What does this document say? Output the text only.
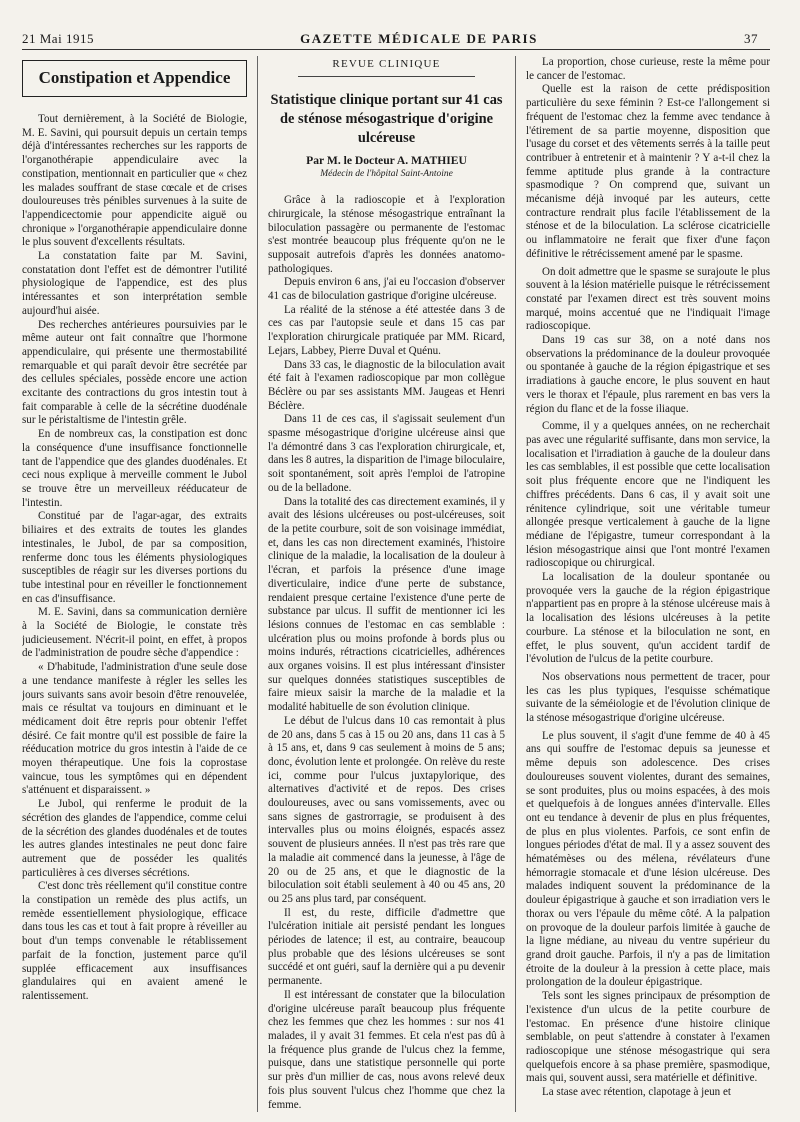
21 Mai 1915	GAZETTE MÉDICALE DE PARIS	37
Constipation et Appendice

Tout dernièrement, à la Société de Biologie, M. E. Savini, qui poursuit depuis un certain temps déjà d'intéressantes recherches sur les rapports de l'organothérapie appendiculaire avec la constipation, mentionnait en particulier que « chez les malades souffrant de stase cœcale et de crises douloureuses très pénibles survenues à la suite de l'appendicectomie pour appendicite aiguë ou chronique » l'organothérapie appendiculaire donne le plus souvent d'excellents résultats.

La constatation faite par M. Savini, constatation dont l'effet est de démontrer l'utilité physiologique de l'appendice, est des plus intéressantes et son interprétation semble aujourd'hui aisée.

Des recherches antérieures poursuivies par le même auteur ont fait connaître que l'hormone appendiculaire, qui présente une thermostabilité remarquable et qui paraît devoir être secrétée par des cellules spéciales, possède encore une action excitante des contractions du gros intestin tout à fait comparable à celle de la sécrétine duodénale sur le péristaltisme de l'intestin grêle.

En de nombreux cas, la constipation est donc la conséquence d'une insuffisance fonctionnelle tant de l'appendice que des glandes duodénales. Et ceci nous explique à merveille comment le Jubol se trouve être un merveilleux rééducateur de l'intestin.

Constitué par de l'agar-agar, des extraits biliaires et des extraits de toutes les glandes intestinales, le Jubol, de par sa composition, renferme donc tous les éléments physiologiques susceptibles de réagir sur les diverses portions du tube intestinal pour en réveiller le fonctionnement en cas d'insuffisance.

M. E. Savini, dans sa communication dernière à la Société de Biologie, le constate très judicieusement. N'écrit-il point, en effet, à propos de l'administration de poudre sèche d'appendice :

« D'habitude, l'administration d'une seule dose a une tendance manifeste à régler les selles les jours suivants sans avoir besoin d'être renouvelée, mais ce résultat va toujours en diminuant et le médicament doit être repris pour obtenir l'effet désiré. Ce fait montre qu'il est possible de faire la rééducation motrice du gros intestin à l'aide de ce moyen thérapeutique. Une fois la coprostase vaincue, tous les symptômes qui en dépendent s'atténuent et disparaissent. »

Le Jubol, qui renferme le produit de la sécrétion des glandes de l'appendice, comme celui de la sécrétion des glandes duodénales et de toutes les autres glandes intestinales ne peut donc faire autrement que de posséder les qualités particulières à ces diverses sécrétions.

C'est donc très réellement qu'il constitue contre la constipation un remède des plus actifs, un remède essentiellement physiologique, efficace dans tous les cas et tout à fait propre à réveiller au bout d'un temps convenable le rétablissement parfait de la fonction, justement parce qu'il supplée efficacement aux insuffisances glandulaires qui en avaient amené le ralentissement.

REVUE CLINIQUE
Statistique clinique portant sur 41 cas de sténose mésogastrique d'origine ulcéreuse
Par M. le Docteur A. MATHIEU
Médecin de l'hôpital Saint-Antoine

Grâce à la radioscopie et à l'exploration chirurgicale, la sténose mésogastrique entraînant la biloculation passagère ou permanente de l'estomac s'est montrée beaucoup plus fréquente qu'on ne le supposait autrefois d'après les données anatomo-pathologiques.

Depuis environ 6 ans, j'ai eu l'occasion d'observer 41 cas de biloculation gastrique d'origine ulcéreuse.

La réalité de la sténose a été attestée dans 3 de ces cas par l'autopsie seule et dans 15 cas par l'exploration chirurgicale pratiquée par MM. Ricard, Lejars, Labbey, Pierre Duval et Quénu.

Dans 33 cas, le diagnostic de la biloculation avait été fait à l'examen radioscopique par mon collègue Béclère ou par ses assistants MM. Jaugeas et Henri Béclère.

Dans 11 de ces cas, il s'agissait seulement d'un spasme mésogastrique d'origine ulcéreuse ainsi que l'a démontré dans 3 cas l'exploration chirurgicale, et, dans les 8 autres, la disparition de l'image biloculaire, soit spontanément, soit après l'emploi de l'atropine ou de la belladone.

Dans la totalité des cas directement examinés, il y avait des lésions ulcéreuses ou post-ulcéreuses, soit de la petite courbure, soit de son voisinage immédiat, et, dans les cas non directement examinés, l'histoire clinique de la maladie, la localisation de la douleur à l'écran, et parfois la présence d'une image diverticulaire, indice d'une perte de substance, rendaient presque certaine l'existence d'une perte de substance par ulcus. Il suffit de mentionner ici les lésions connues de l'estomac en cas semblable : ulcération plus ou moins profonde à bords plus ou moins indurés, rétractions cicatricielles, adhérences aux organes voisins. Il est plus intéressant d'insister sur quelques données statistiques susceptibles de faire mieux saisir la marche de la maladie et la modalité habituelle de son évolution clinique.

Le début de l'ulcus dans 10 cas remontait à plus de 20 ans, dans 5 cas à 15 ou 20 ans, dans 11 cas à 5 à 15 ans, et, dans 9 cas seulement à moins de 5 ans; donc, évolution lente et prolongée. On relève du reste ici, comme pour l'ulcus juxtapylorique, des alternatives d'activité et de repos. Des crises douloureuses, avec ou sans vomissements, avec ou sans signes de gastrorragie, se produisent à des intervalles plus ou moins éloignés, espacés assez souvent de plusieurs années. Il n'est pas très rare que la maladie ait commencé dans la jeunesse, à l'âge de 20 ou de 25 ans, et que le diagnostic de la biloculation soit établi seulement à 40 ou 45 ans, 20 ou 25 ans plus tard, par conséquent.

Il est, du reste, difficile d'admettre que l'ulcération initiale ait persisté pendant les longues périodes de latence; il est, au contraire, beaucoup plus probable que des lésions ulcéreuses se sont succédé et ont guéri, sauf la dernière qui a pu devenir permanente.

Il est intéressant de constater que la biloculation d'origine ulcéreuse paraît beaucoup plus fréquente chez les femmes que chez les hommes : sur nos 41 malades, il y avait 31 femmes. Et cela n'est pas dû à la fréquence plus grande de l'ulcus chez la femme, puisque, dans une statistique personnelle qui porte sur près d'un millier de cas, nous avons relevé deux fois plus souvent l'ulcus chez l'homme que chez la femme.

La proportion, chose curieuse, reste la même pour le cancer de l'estomac.

Quelle est la raison de cette prédisposition particulière du sexe féminin ? Est-ce l'allongement si fréquent de l'estomac chez la femme avec tendance à l'étirement de sa partie moyenne, disposition que l'usage du corset et des vêtements serrés à la taille peut contribuer à entretenir et à maintenir ? Y a-t-il chez la femme aptitude plus grande à la contracture spasmodique ? On comprend que, suivant un mécanisme déjà invoqué par les auteurs, cette contracture rendrait plus facile l'établissement de la sténose et de la biloculation. La sclérose cicatricielle ou inflammatoire ne ferait que fixer d'une façon définitive le rétrécissement amené par le spasme.

On doit admettre que le spasme se surajoute le plus souvent à la lésion matérielle puisque le rétrécissement constaté par l'examen direct est très souvent moins marqué, moins accentué que ne l'indiquait l'image radioscopique.

Dans 19 cas sur 38, on a noté dans nos observations la prédominance de la douleur provoquée ou spontanée à gauche de la région épigastrique et ses irradiations à gauche encore, le plus souvent en haut vers le thorax et l'épaule, plus rarement en bas vers la région du flanc et de la fosse iliaque.

Comme, il y a quelques années, on ne recherchait pas avec une régularité suffisante, dans mon service, la localisation et l'irradiation à gauche de la douleur dans les cas semblables, il est possible que cette localisation soit plus fréquente encore que ne l'indiquent les chiffres précédents. Dans 6 cas, il y avait soit une rénitence cylindrique, soit une véritable tumeur allongée presque verticalement à gauche de la ligne médiane de l'épigastre, tumeur correspondant à la lésion mésogastrique ainsi que l'ont montré l'examen radioscopique ou chirurgical.

La localisation de la douleur spontanée ou provoquée vers la gauche de la région épigastrique n'appartient pas en propre à la sténose ulcéreuse mais à la localisation des lésions ulcéreuses à la petite courbure. La sténose et la biloculation ne sont, en effet, le plus souvent, qu'un accident tardif de l'évolution de l'ulcus de la petite courbure.

Nos observations nous permettent de tracer, pour les cas les plus typiques, l'esquisse schématique suivante de la séméiologie et de l'évolution clinique de la sténose mésogastrique d'origine ulcéreuse.

Le plus souvent, il s'agit d'une femme de 40 à 45 ans qui souffre de l'estomac depuis sa jeunesse et même depuis son adolescence. Des crises douloureuses souvent violentes, durant des semaines, se sont produites, plus ou moins espacées, à des mois et quelquefois à de longues années d'intervalle. Elles ont eu tendance à devenir de plus en plus fréquentes, de plus en plus violentes. Parfois, ce sont enfin de longues périodes d'état de mal. Il y a assez souvent des hématémèses ou des mélena, révélateurs d'une hémorragie stomacale et d'une lésion ulcéreuse. Des malades indiquent souvent la prédominance de la douleur épigastrique à gauche et son irradiation vers le thorax ou vers l'épaule du même côté. A la palpation on provoque de la douleur parfois limitée à gauche de la ligne médiane, au niveau du ventre supérieur du grand droit gauche. Parfois, il n'y a pas de limitation étroite de la douleur à la pression à cette place, mais prolongation de la douleur épigastrique.

Tels sont les signes principaux de présomption de l'existence d'un ulcus de la petite courbure de l'estomac. En présence d'une histoire clinique semblable, on peut s'attendre à constater à l'examen radioscopique une sténose mésogastrique qui sera quelquefois encore à sa phase première, spasmodique, mais qui, souvent aussi, sera matérielle et définitive.

La stase avec rétention, clapotage à jeun et
